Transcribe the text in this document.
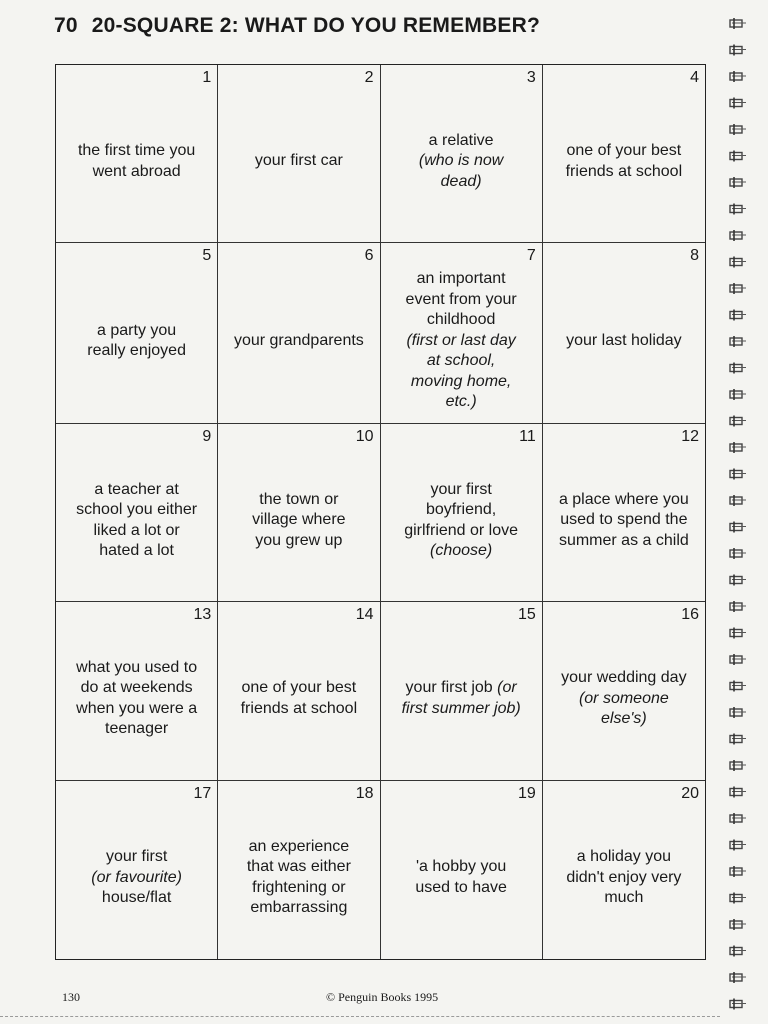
70 20-SQUARE 2: WHAT DO YOU REMEMBER?
1
the first time you
went abroad
2
your first car
3
a relative
(who is now
dead)
4
one of your best
friends at school
5
a party you
really enjoyed
6
your grandparents
7
an important
event from your
childhood
(first or last day
at school,
moving home,
etc.)
8
your last holiday
9
a teacher at
school you either
liked a lot or
hated a lot
10
the town or
village where
you grew up
11
your first
boyfriend,
girlfriend or love
(choose)
12
a place where you
used to spend the
summer as a child
13
what you used to
do at weekends
when you were a
teenager
14
one of your best
friends at school
15
your first job (or
first summer job)
16
your wedding day
(or someone
else's)
17
your first
(or favourite)
house/flat
18
an experience
that was either
frightening or
embarrassing
19
'a hobby you
used to have
20
a holiday you
didn't enjoy very
much
130	© Penguin Books 1995
